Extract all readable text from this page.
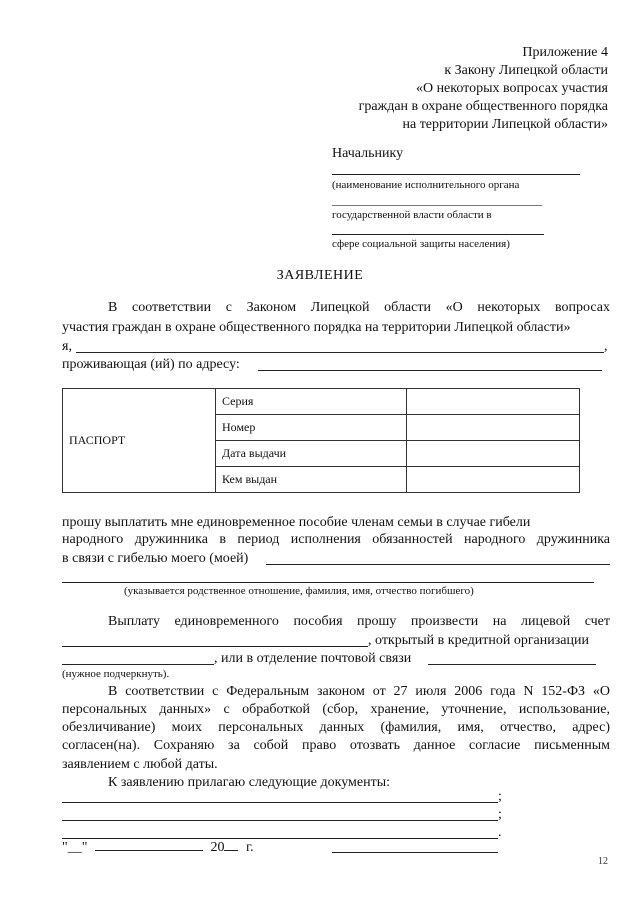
Приложение 4
к Закону Липецкой области
«О некоторых вопросах участия
граждан в охране общественного порядка
на территории Липецкой области»
Начальнику
(наименование исполнительного органа
государственной власти области в
сфере социальной защиты населения)
ЗАЯВЛЕНИЕ
В соответствии с Законом Липецкой области «О некоторых вопросах
участия граждан в охране общественного порядка на территории Липецкой области»
я,	,
проживающая (ий) по адресу:
ПАСПОРТ	Серия	
	Номер	
	Дата выдачи	
	Кем выдан	
прошу выплатить мне единовременное пособие членам семьи в случае гибели
народного дружинника в период исполнения обязанностей народного дружинника
в связи с гибелью моего (моей)
(указывается родственное отношение, фамилия, имя, отчество погибшего)
Выплату единовременного пособия прошу произвести на лицевой счет
, открытый в кредитной организации
, или в отделение почтовой связи
(нужное подчеркнуть).
В соответствии с Федеральным законом от 27 июля 2006 года N 152-ФЗ «О
персональных данных» с обработкой (сбор, хранение, уточнение, использование,
обезличивание) моих персональных данных (фамилия, имя, отчество, адрес)
согласен(на). Сохраняю за собой право отозвать данное согласие письменным
заявлением с любой даты.
К заявлению прилагаю следующие документы:
;
;
.
"__"	20 г.
12
